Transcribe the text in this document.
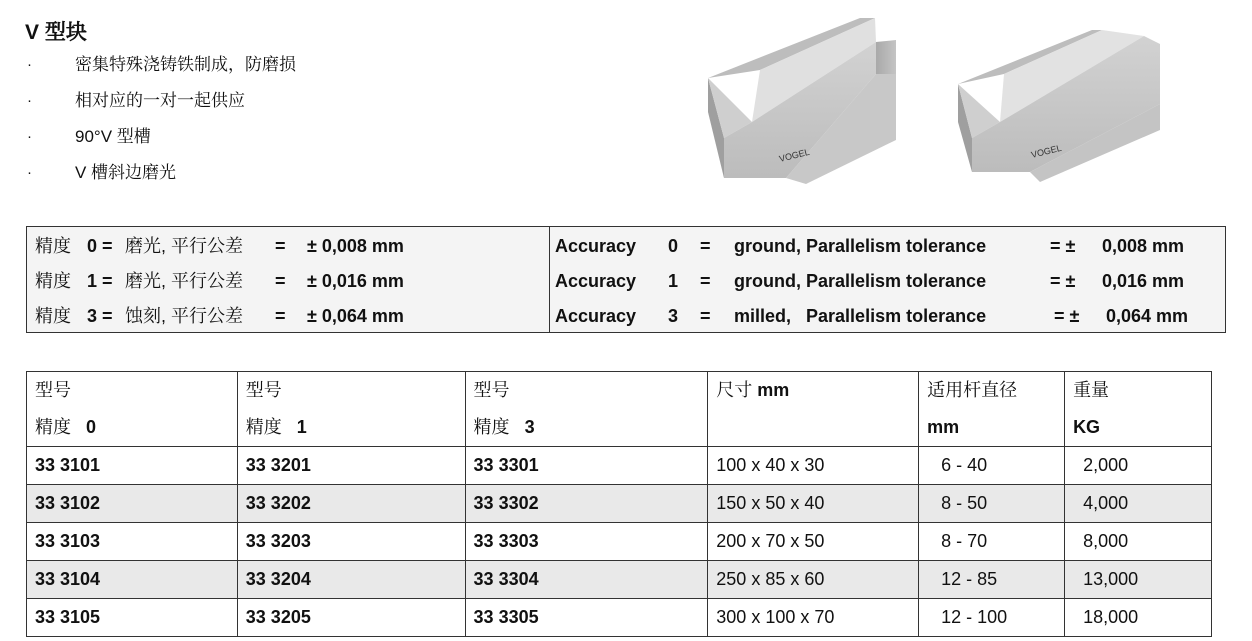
V 型块
·	密集特殊浇铸铁制成，防磨损
·	相对应的一对一起供应
·	90°V 型槽
·	V 槽斜边磨光
VOGEL	VOGEL
精度 0 = 磨光, 平行公差 = ± 0,008 mm
精度 1 = 磨光, 平行公差 = ± 0,016 mm
精度 3 = 蚀刻, 平行公差 = ± 0,064 mm
Accuracy 0 = ground, Parallelism tolerance	= ± 0,008 mm
Accuracy 1 = ground, Parallelism tolerance	= ± 0,016 mm
Accuracy 3 = milled,   Parallelism tolerance	= ± 0,064 mm
型号	型号	型号	尺寸 mm	适用杆直径	重量
精度 0	精度 1	精度 3		mm	KG
33 3101	33 3201	33 3301	100 x 40 x 30	6 - 40	2,000
33 3102	33 3202	33 3302	150 x 50 x 40	8 - 50	4,000
33 3103	33 3203	33 3303	200 x 70 x 50	8 - 70	8,000
33 3104	33 3204	33 3304	250 x 85 x 60	12 - 85	13,000
33 3105	33 3205	33 3305	300 x 100 x 70	12 - 100	18,000
